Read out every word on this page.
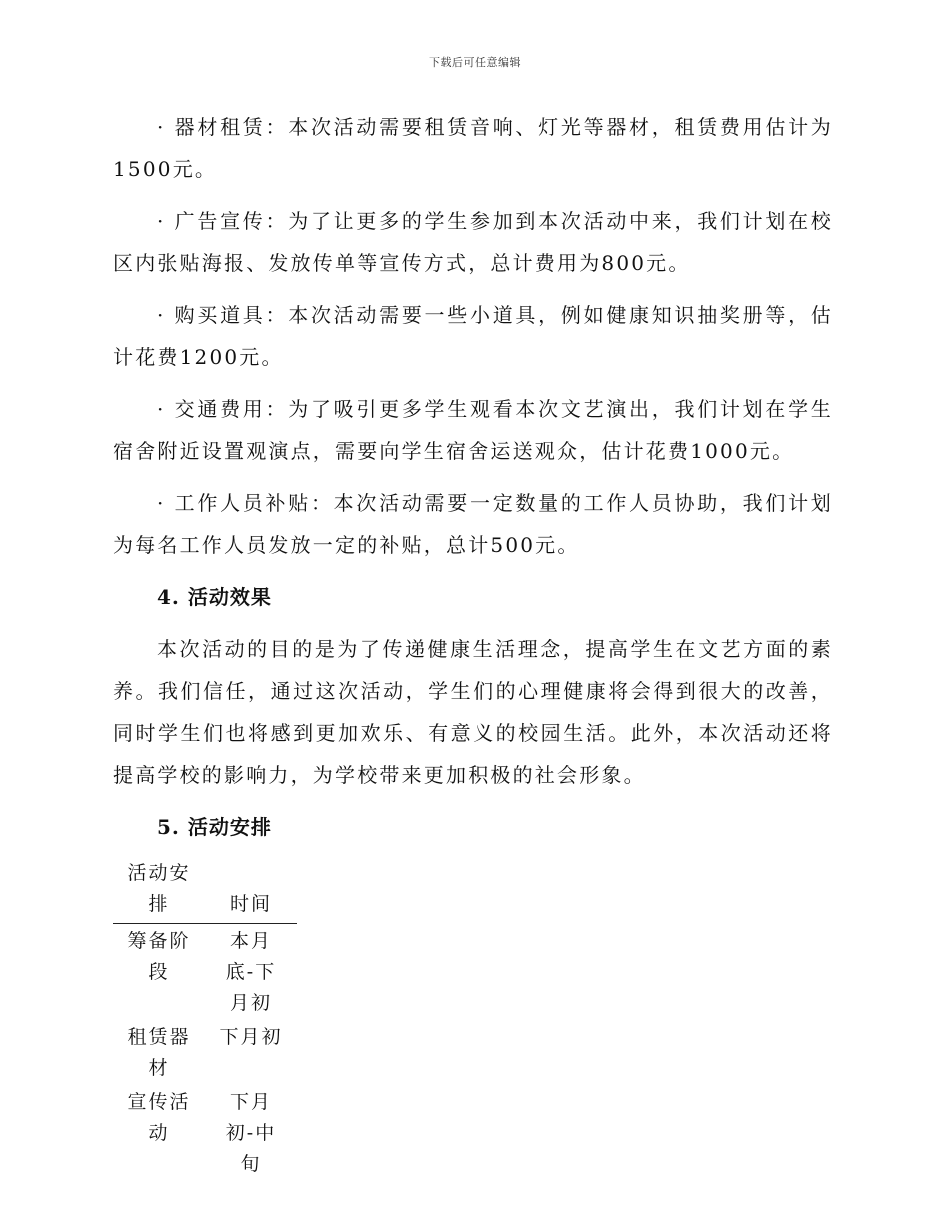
下载后可任意编辑

· 器材租赁：本次活动需要租赁音响、灯光等器材，租赁费用估计为1500元。

· 广告宣传：为了让更多的学生参加到本次活动中来，我们计划在校区内张贴海报、发放传单等宣传方式，总计费用为800元。

· 购买道具：本次活动需要一些小道具，例如健康知识抽奖册等，估计花费1200元。

· 交通费用：为了吸引更多学生观看本次文艺演出，我们计划在学生宿舍附近设置观演点，需要向学生宿舍运送观众，估计花费1000元。

· 工作人员补贴：本次活动需要一定数量的工作人员协助，我们计划为每名工作人员发放一定的补贴，总计500元。

4. 活动效果

本次活动的目的是为了传递健康生活理念，提高学生在文艺方面的素养。我们信任，通过这次活动，学生们的心理健康将会得到很大的改善，同时学生们也将感到更加欢乐、有意义的校园生活。此外，本次活动还将提高学校的影响力，为学校带来更加积极的社会形象。

5. 活动安排
活动安排	时间
筹备阶段	本月底-下月初
租赁器材	下月初
宣传活动	下月初-中旬
